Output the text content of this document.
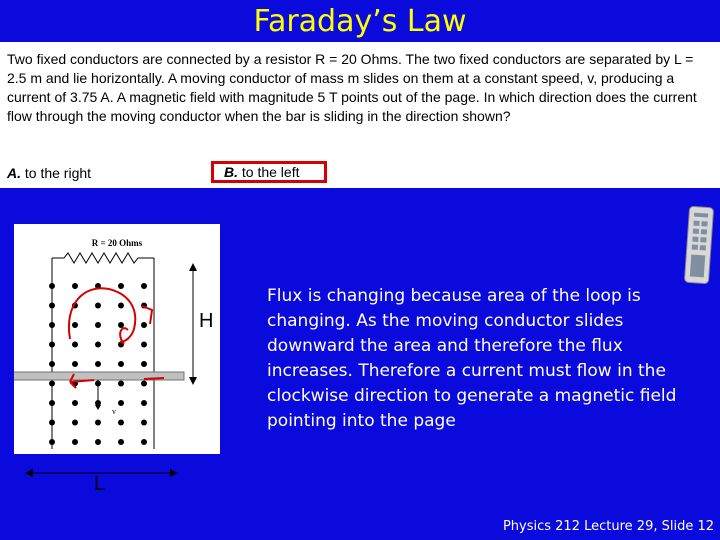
Faraday’s Law
Two fixed conductors are connected by a resistor R = 20 Ohms. The two fixed conductors are separated by L = 2.5 m and lie horizontally. A moving conductor of mass m slides on them at a constant speed, v, producing a current of 3.75 A. A magnetic field with magnitude 5 T points out of the page. In which direction does the current flow through the moving conductor when the bar is sliding in the direction shown?
A. to the right	B. to the left
R = 20 Ohms
v
H
L
Flux is changing because area of the loop is changing. As the moving conductor slides downward the area and therefore the flux increases. Therefore a current must flow in the clockwise direction to generate a magnetic field pointing into the page
Physics 212 Lecture 29, Slide 12
